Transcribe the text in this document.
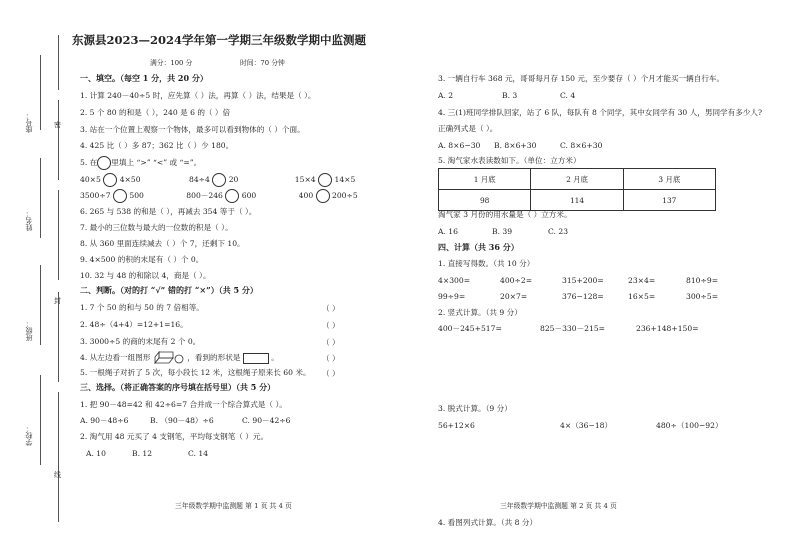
座号：
姓名：
班级：
学校：
密
封
线
东源县2023—2024学年第一学期三年级数学期中监测题
满分：100 分	时间：70 分钟
一、填空。（每空 1 分，共 20 分）
1. 计算 240－40÷5 时，应先算（ ）法，再算（ ）法，结果是（ ）。
2. 5 个 80 的和是（ ），240 是 6 的（ ）倍
3. 站在一个位置上观察一个物体，最多可以看到物体的（ ）个面。
4. 425 比（ ）多 87；362 比（ ）少 180。
5. 在 里填上 “>” “<” 或 “=”。
40×5 4×50	84÷4 20	15×4 14×5
3500÷7 500	800－246 600	400 200÷5
6. 265 与 538 的和是（ ），再减去 354 等于（ ）。
7. 最小的三位数与最大的一位数的积是（ ）。
8. 从 360 里面连续减去（ ）个 7，还剩下 10。
9. 4×500 的积的末尾有（ ）个 0。
10. 32 与 48 的和除以 4，商是（ ）。
二、判断。（对的打 “√” 错的打 “×”）（共 5 分）
1. 7 个 50 的和与 50 的 7 倍相等。	（ ）
2. 48÷（4+4）=12+1=16。	（ ）
3. 3000÷5 的商的末尾有 2 个 0。	（ ）
4. 从左边看一组图形	，看到的形状是	。	（ ）
5. 一根绳子对折了 5 次，每小段长 12 米，这根绳子原来长 60 米。 （ ）
三、选择。（将正确答案的序号填在括号里）（共 5 分）
1. 把 90－48=42 和 42÷6=7 合并成一个综合算式是（ ）。
A. 90－48÷6	B. （90－48）÷6	C. 90－42÷6
2. 淘气用 48 元买了 4 支钢笔，平均每支钢笔（ ）元。
A. 10	B. 12	C. 14
三年级数学期中监测题 第 1 页 共 4 页
3. 一辆自行车 368 元，哥哥每月存 150 元，至少要存（ ）个月才能买一辆自行车。
A. 2	B. 3	C. 4
4. 三(1)班同学排队回家，站了 6 队，每队有 8 个同学，其中女同学有 30 人，男同学有多少人?
正确列式是（ ）。
A. 8×6−30 B. 8×6+30	C. 8×6+30
5. 淘气家水表读数如下。（单位：立方米）
1 月底	2 月底	3 月底
98	114	137
淘气家 3 月份的用水量是（ ）立方米。
A. 16	B. 39	C. 23
四、计算（共 36 分）
1. 直接写得数。（共 10 分）
4×300=	400÷2=	315+200=	23×4=	810÷9=
99÷9=	20×7=	376−128=	16×5=	300÷5=
2. 竖式计算。（共 9 分）
400－245+517=	825－330－215=	236+148+150=
3. 脱式计算。（9 分）
56+12×6	4×（36−18）	480÷（100−92）
三年级数学期中监测题 第 2 页 共 4 页
4. 看图列式计算。（共 8 分）
